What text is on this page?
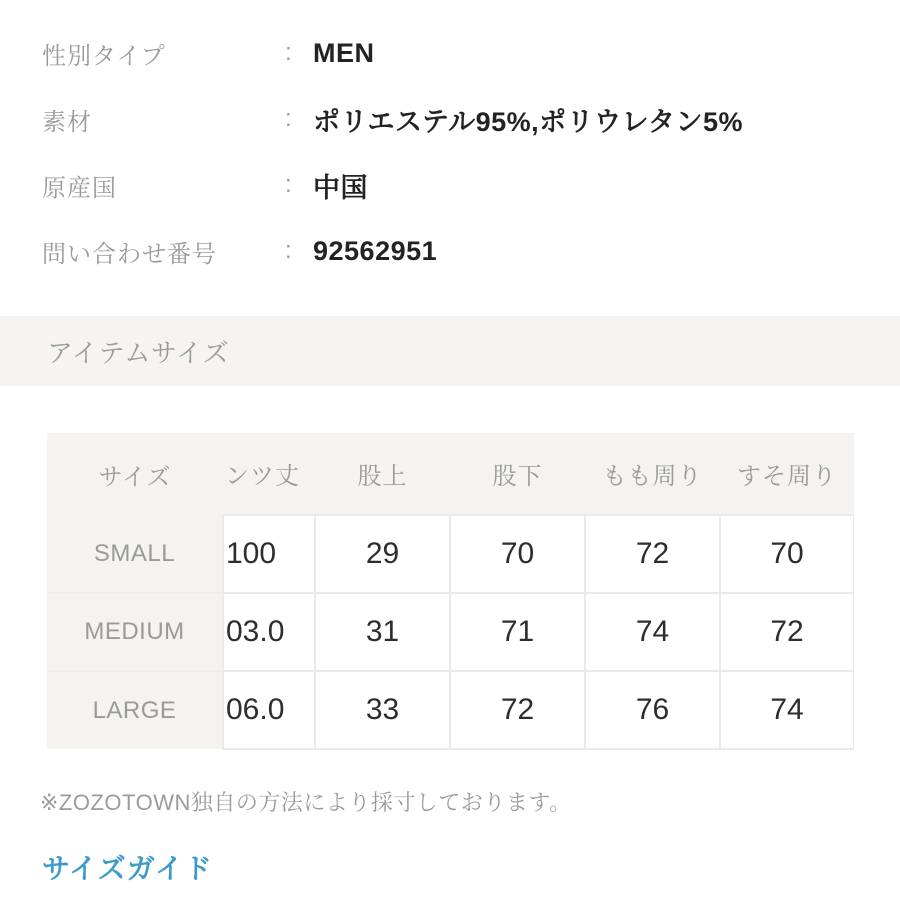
性別タイプ	: MEN
素材	: ポリエステル95%,ポリウレタン5%
原産国	: 中国
問い合わせ番号	: 92562951
アイテムサイズ
サイズ	ンツ丈	股上	股下	もも周り	すそ周り
SMALL	100	29	70	72	70
MEDIUM	03.0	31	71	74	72
LARGE	06.0	33	72	76	74

※ZOZOTOWN独自の方法により採寸しております。

サイズガイド
